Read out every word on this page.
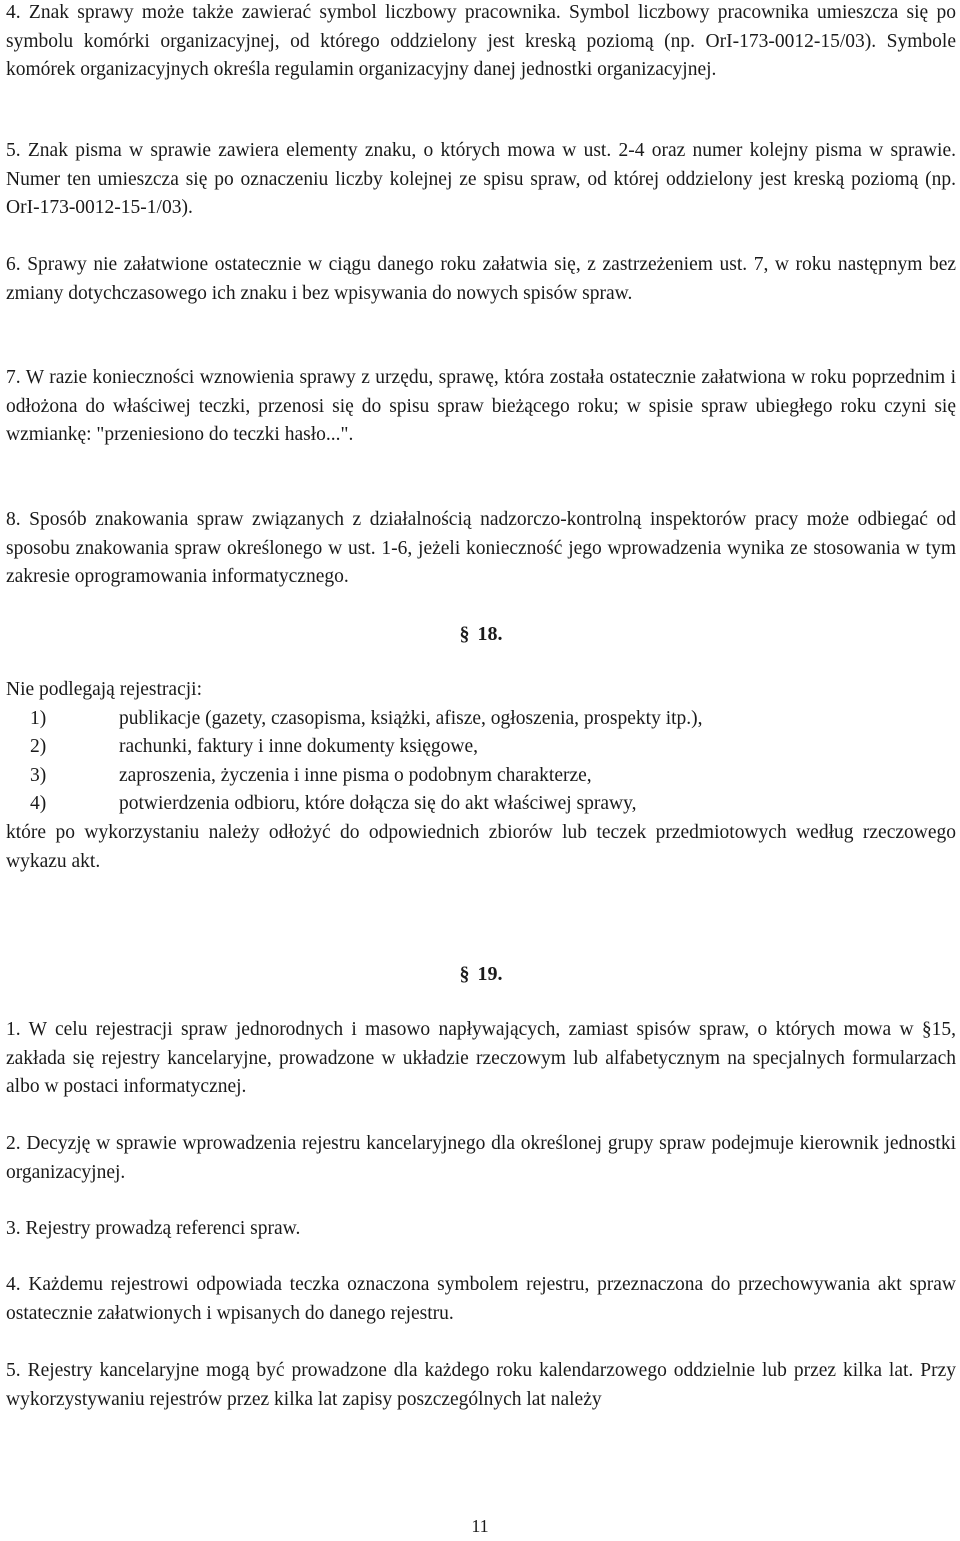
4. Znak sprawy może także zawierać symbol liczbowy pracownika. Symbol liczbowy pracownika umieszcza się po symbolu komórki organizacyjnej, od którego oddzielony jest kreską poziomą (np. OrI-173-0012-15/03). Symbole komórek organizacyjnych określa regulamin organizacyjny danej jednostki organizacyjnej.

5. Znak pisma w sprawie zawiera elementy znaku, o których mowa w ust. 2-4 oraz numer kolejny pisma w sprawie. Numer ten umieszcza się po oznaczeniu liczby kolejnej ze spisu spraw, od której oddzielony jest kreską poziomą (np. OrI-173-0012-15-1/03).

6. Sprawy nie załatwione ostatecznie w ciągu danego roku załatwia się, z zastrzeżeniem ust. 7, w roku następnym bez zmiany dotychczasowego ich znaku i bez wpisywania do nowych spisów spraw.

7. W razie konieczności wznowienia sprawy z urzędu, sprawę, która została ostatecznie załatwiona w roku poprzednim i odłożona do właściwej teczki, przenosi się do spisu spraw bieżącego roku; w spisie spraw ubiegłego roku czyni się wzmiankę: "przeniesiono do teczki hasło...".

8. Sposób znakowania spraw związanych z działalnością nadzorczo-kontrolną inspektorów pracy może odbiegać od sposobu znakowania spraw określonego w ust. 1-6, jeżeli konieczność jego wprowadzenia wynika ze stosowania w tym zakresie oprogramowania informatycznego.

§ 18.

Nie podlegają rejestracji:

1)	publikacje (gazety, czasopisma, książki, afisze, ogłoszenia, prospekty itp.),
2)	rachunki, faktury i inne dokumenty księgowe,
3)	zaproszenia, życzenia i inne pisma o podobnym charakterze,
4)	potwierdzenia odbioru, które dołącza się do akt właściwej sprawy,

które po wykorzystaniu należy odłożyć do odpowiednich zbiorów lub teczek przedmiotowych według rzeczowego wykazu akt.

§ 19.

1. W celu rejestracji spraw jednorodnych i masowo napływających, zamiast spisów spraw, o których mowa w §15, zakłada się rejestry kancelaryjne, prowadzone w układzie rzeczowym lub alfabetycznym na specjalnych formularzach albo w postaci informatycznej.

2. Decyzję w sprawie wprowadzenia rejestru kancelaryjnego dla określonej grupy spraw podejmuje kierownik jednostki organizacyjnej.

3. Rejestry prowadzą referenci spraw.

4. Każdemu rejestrowi odpowiada teczka oznaczona symbolem rejestru, przeznaczona do przechowywania akt spraw ostatecznie załatwionych i wpisanych do danego rejestru.

5. Rejestry kancelaryjne mogą być prowadzone dla każdego roku kalendarzowego oddzielnie lub przez kilka lat. Przy wykorzystywaniu rejestrów przez kilka lat zapisy poszczególnych lat należy

11
